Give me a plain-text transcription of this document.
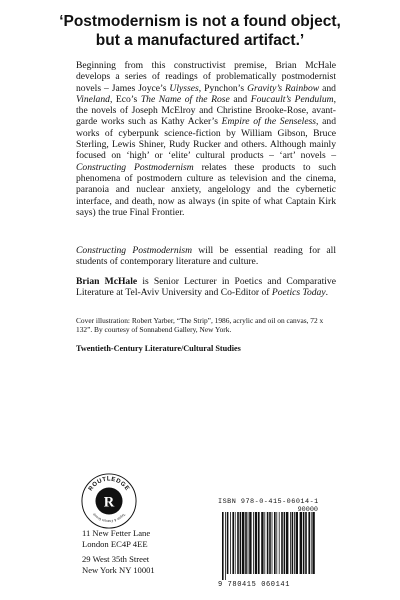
‘Postmodernism is not a found object,
but a manufactured artifact.’

Beginning from this constructivist premise, Brian McHale develops a series of readings of problematically postmodernist novels – James Joyce’s Ulysses, Pynchon’s Gravity’s Rainbow and Vineland, Eco’s The Name of the Rose and Foucault’s Pendulum, the novels of Joseph McElroy and Christine Brooke-Rose, avant-garde works such as Kathy Acker’s Empire of the Senseless, and works of cyberpunk science-fiction by William Gibson, Bruce Sterling, Lewis Shiner, Rudy Rucker and others. Although mainly focused on ‘high’ or ‘elite’ cultural products – ‘art’ novels – Constructing Postmodernism relates these products to such phenomena of postmodern culture as television and the cinema, paranoia and nuclear anxiety, angelology and the cybernetic interface, and death, now as always (in spite of what Captain Kirk says) the true Final Frontier.

Constructing Postmodernism will be essential reading for all students of contemporary literature and culture.

Brian McHale is Senior Lecturer in Poetics and Comparative Literature at Tel-Aviv University and Co-Editor of Poetics Today.

Cover illustration: Robert Yarber, “The Strip”, 1986, acrylic and oil on canvas, 72 x 132”. By courtesy of Sonnabend Gallery, New York.
Twentieth-Century Literature/Cultural Studies
ROUTLEDGE
Taylor & Francis Group
R
11 New Fetter Lane
London EC4P 4EE
29 West 35th Street
New York NY 10001
ISBN 978-0-415-06014-1
90000
9 780415 060141
